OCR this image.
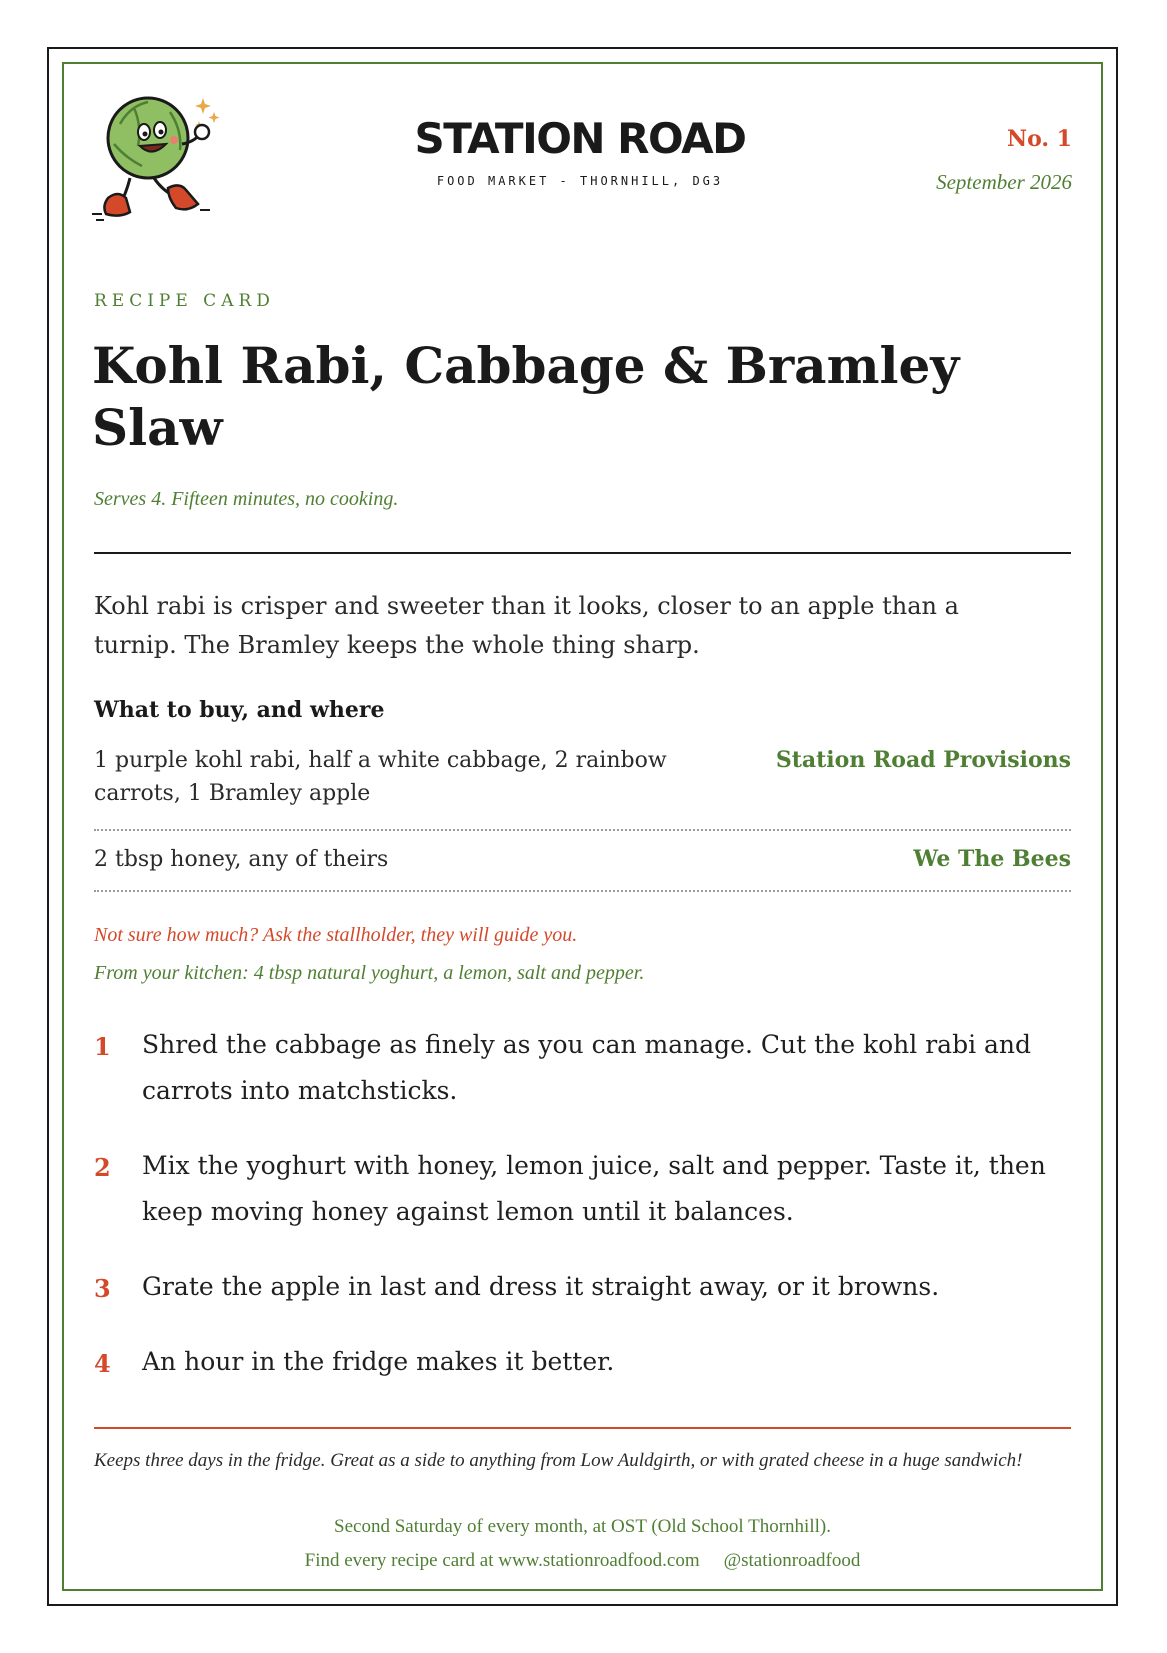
STATION ROAD
FOOD MARKET - THORNHILL, DG3
No. 1
September 2026
RECIPE CARD
Kohl Rabi, Cabbage & Bramley Slaw
Serves 4. Fifteen minutes, no cooking.
Kohl rabi is crisper and sweeter than it looks, closer to an apple than a turnip. The Bramley keeps the whole thing sharp.
What to buy, and where
1 purple kohl rabi, half a white cabbage, 2 rainbow carrots, 1 Bramley apple
Station Road Provisions
2 tbsp honey, any of theirs	We The Bees
Not sure how much? Ask the stallholder, they will guide you.
From your kitchen: 4 tbsp natural yoghurt, a lemon, salt and pepper.
1 Shred the cabbage as finely as you can manage. Cut the kohl rabi and carrots into matchsticks.
2 Mix the yoghurt with honey, lemon juice, salt and pepper. Taste it, then keep moving honey against lemon until it balances.
3 Grate the apple in last and dress it straight away, or it browns.
4 An hour in the fridge makes it better.
Keeps three days in the fridge. Great as a side to anything from Low Auldgirth, or with grated cheese in a huge sandwich!
Second Saturday of every month, at OST (Old School Thornhill).
Find every recipe card at www.stationroadfood.com @stationroadfood
